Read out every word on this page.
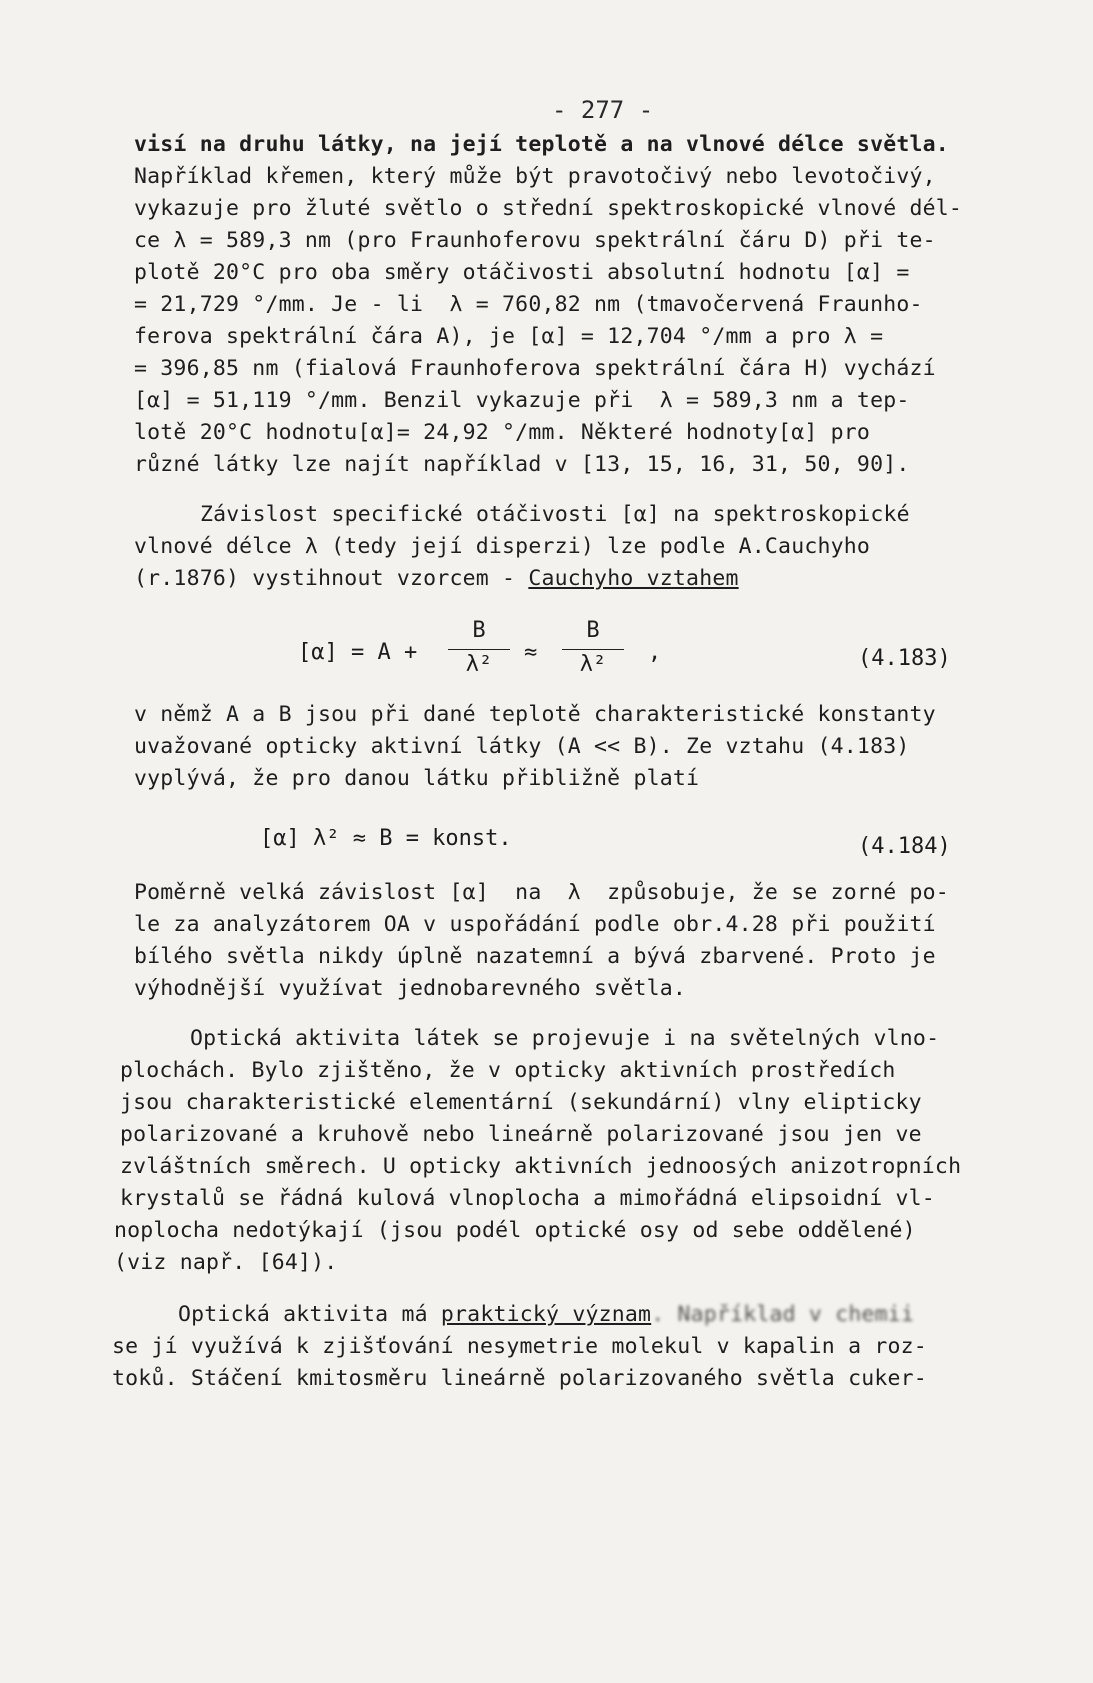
- 277 -
visí na druhu látky, na její teplotě a na vlnové délce světla.
Například křemen, který může být pravotočivý nebo levotočivý,
vykazuje pro žluté světlo o střední spektroskopické vlnové dél-
ce λ = 589,3 nm (pro Fraunhoferovu spektrální čáru D) při te-
plotě 20°C pro oba směry otáčivosti absolutní hodnotu [α] =
= 21,729 °/mm. Je - li  λ = 760,82 nm (tmavočervená Fraunho-
ferova spektrální čára A), je [α] = 12,704 °/mm a pro λ =
= 396,85 nm (fialová Fraunhoferova spektrální čára H) vychází
[α] = 51,119 °/mm. Benzil vykazuje při  λ = 589,3 nm a tep-
lotě 20°C hodnotu[α]= 24,92 °/mm. Některé hodnoty[α] pro
různé látky lze najít například v [13, 15, 16, 31, 50, 90].
Závislost specifické otáčivosti [α] na spektroskopické
vlnové délce λ (tedy její disperzi) lze podle A.Cauchyho
(r.1876) vystihnout vzorcem - Cauchyho vztahem
$[\alpha] = A + \frac{B}{\text{λ²}} \approx \frac{B}{\text{λ²}}$ ,	(4.183)
v němž A a B jsou při dané teplotě charakteristické konstanty
uvažované opticky aktivní látky (A << B). Ze vztahu (4.183)
vyplývá, že pro danou látku přibližně platí
[α] λ² ≈ B = konst.	(4.184)
Poměrně velká závislost [α]  na  λ  způsobuje, že se zorné po-
le za analyzátorem OA v uspořádání podle obr.4.28 při použití
bílého světla nikdy úplně nazatemní a bývá zbarvené. Proto je
výhodnější využívat jednobarevného světla.
Optická aktivita látek se projevuje i na světelných vlno-
plochách. Bylo zjištěno, že v opticky aktivních prostředích
jsou charakteristické elementární (sekundární) vlny elipticky
polarizované a kruhově nebo lineárně polarizované jsou jen ve
zvláštních směrech. U opticky aktivních jednoosých anizotropních
krystalů se řádná kulová vlnoplocha a mimořádná elipsoidní vl-
noplocha nedotýkají (jsou podél optické osy od sebe oddělené)
(viz např. [64]).
Optická aktivita má praktický význam. Například v chemii
se jí využívá k zjišťování nesymetrie molekul v kapalin a roz-
toků. Stáčení kmitosměru lineárně polarizovaného světla cuker-
